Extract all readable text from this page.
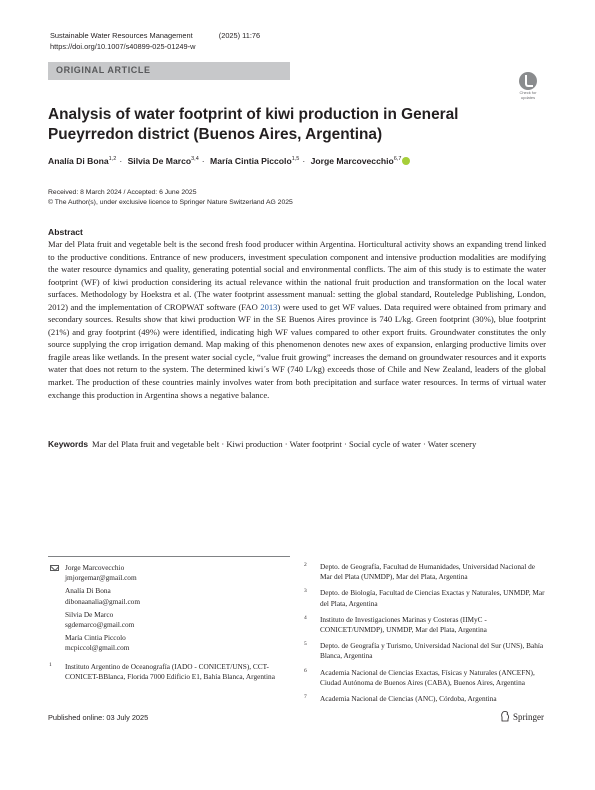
Sustainable Water Resources Management	(2025) 11:76
https://doi.org/10.1007/s40899-025-01249-w
ORIGINAL ARTICLE
Check for
updates
Analysis of water footprint of kiwi production in General Pueyrredon district (Buenos Aires, Argentina)
Analía Di Bona$^{1,2}$ · Silvia De Marco$^{3,4}$ · María Cintia Piccolo$^{1,5}$ · Jorge Marcovecchio$^{6,7}$
Received: 8 March 2024 / Accepted: 6 June 2025
© The Author(s), under exclusive licence to Springer Nature Switzerland AG 2025
Abstract

Mar del Plata fruit and vegetable belt is the second fresh food producer within Argentina. Horticultural activity shows an expanding trend linked to the productive conditions. Entrance of new producers, investment speculation component and intensive production modalities are modifying the water resource dynamics and quality, generating potential social and environmental conflicts. The aim of this study is to estimate the water footprint (WF) of kiwi production considering its actual relevance within the national fruit production and transformation on the local water surfaces. Methodology by Hoekstra et al. (The water footprint assessment manual: setting the global standard, Routeledge Publishing, London, 2012) and the implementation of CROPWAT software (FAO 2013) were used to get WF values. Data required were obtained from primary and secondary sources. Results show that kiwi production WF in the SE Buenos Aires province is 740 L/kg. Green footprint (30%), blue footprint (21%) and gray footprint (49%) were identified, indicating high WF values compared to other export fruits. Groundwater constitutes the only source supplying the crop irrigation demand. Map making of this phenomenon denotes new axes of expansion, enlarging productive limits over fragile areas like wetlands. In the present water social cycle, “value fruit growing” increases the demand on groundwater resources and it exports water that does not return to the system. The determined kiwi´s WF (740 L/kg) exceeds those of Chile and New Zealand, leaders of the global market. The production of these countries mainly involves water from both precipitation and surface water resources. In terms of virtual water exchange this production in Argentina shows a negative balance.

Keywords Mar del Plata fruit and vegetable belt · Kiwi production · Water footprint · Social cycle of water · Water scenery

Jorge Marcovecchio
jmjorgemar@gmail.com
Analía Di Bona
dibonaanalia@gmail.com
Silvia De Marco
sgdemarco@gmail.com
María Cintia Piccolo
mcpiccol@gmail.com
1 Instituto Argentino de Oceanografía (IADO - CONICET/UNS), CCT- CONICET-BBlanca, Florida 7000 Edificio E1, Bahía Blanca, Argentina
2 Depto. de Geografía, Facultad de Humanidades, Universidad Nacional de Mar del Plata (UNMDP), Mar del Plata, Argentina
3 Depto. de Biología, Facultad de Ciencias Exactas y Naturales, UNMDP, Mar del Plata, Argentina
4 Instituto de Investigaciones Marinas y Costeras (IIMyC - CONICET/UNMDP), UNMDP, Mar del Plata, Argentina
5 Depto. de Geografía y Turismo, Universidad Nacional del Sur (UNS), Bahía Blanca, Argentina
6 Academia Nacional de Ciencias Exactas, Físicas y Naturales (ANCEFN), Ciudad Autónoma de Buenos Aires (CABA), Buenos Aires, Argentina
7 Academia Nacional de Ciencias (ANC), Córdoba, Argentina
Published online: 03 July 2025	Springer
